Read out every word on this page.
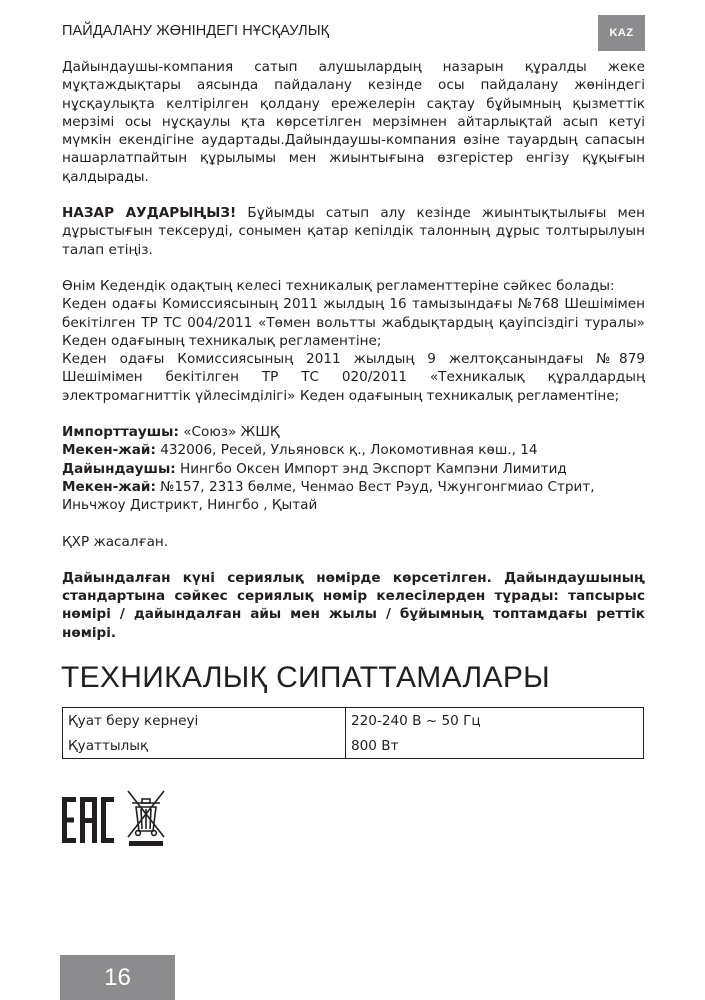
ПАЙДАЛАНУ ЖӨНІНДЕГІ НҰСҚАУЛЫҚ	KAZ

Дайындаушы-компания сатып алушылардың назарын құралды жеке мұқтаждықтары аясында пайдалану кезінде осы пайдалану жөніндегі нұсқаулықта келтірілген қолдану ережелерін сақтау бұйымның қызметтік мерзімі осы нұсқаулы қта көрсетілген мерзімнен айтарлықтай асып кетуі мүмкін екендігіне аудартады.Дайындаушы-компания өзіне тауардың сапасын нашарлатпайтын құрылымы мен жиынтығына өзгерістер енгізу құқығын қалдырады.

НАЗАР АУДАРЫҢЫЗ! Бұйымды сатып алу кезінде жиынтықтылығы мен дұрыстығын тексеруді, сонымен қатар кепілдік талонның дұрыс толтырылуын талап етіңіз.

Өнім Кедендік одақтың келесі техникалық регламенттеріне сәйкес болады:

Кеден одағы Комиссиясының 2011 жылдың 16 тамызындағы №768 Шешімімен бекітілген ТР ТС 004/2011 «Төмен вольтты жабдықтардың қауіпсіздігі туралы» Кеден одағының техникалық регламентіне;

Кеден одағы Комиссиясының 2011 жылдың 9 желтоқсанындағы №879 Шешімімен бекітілген ТР ТС 020/2011 «Техникалық құралдардың электромагниттік үйлесімділігі» Кеден одағының техникалық регламентіне;

Импорттаушы: «Союз» ЖШҚ

Мекен-жай: 432006, Ресей, Ульяновск қ., Локомотивная көш., 14

Дайындаушы: Нингбо Оксен Импорт энд Экспорт Кампэни Лимитид

Мекен-жай: №157, 2313 бөлме, Ченмао Вест Рэуд, Чжунгонгмиао Стрит, Иньчжоу Дистрикт, Нингбо , Қытай

ҚХР жасалған.

Дайындалған күні сериялық нөмірде көрсетілген. Дайындаушының стандартына сәйкес сериялық нөмір келесілерден тұрады: тапсырыс нөмірі / дайындалған айы мен жылы / бұйымның топтамдағы реттік нөмірі.

ТЕХНИКАЛЫҚ СИПАТТАМАЛАРЫ
Қуат беру кернеуі	220-240 В ~ 50 Гц
Қуаттылық	800 Вт
16
